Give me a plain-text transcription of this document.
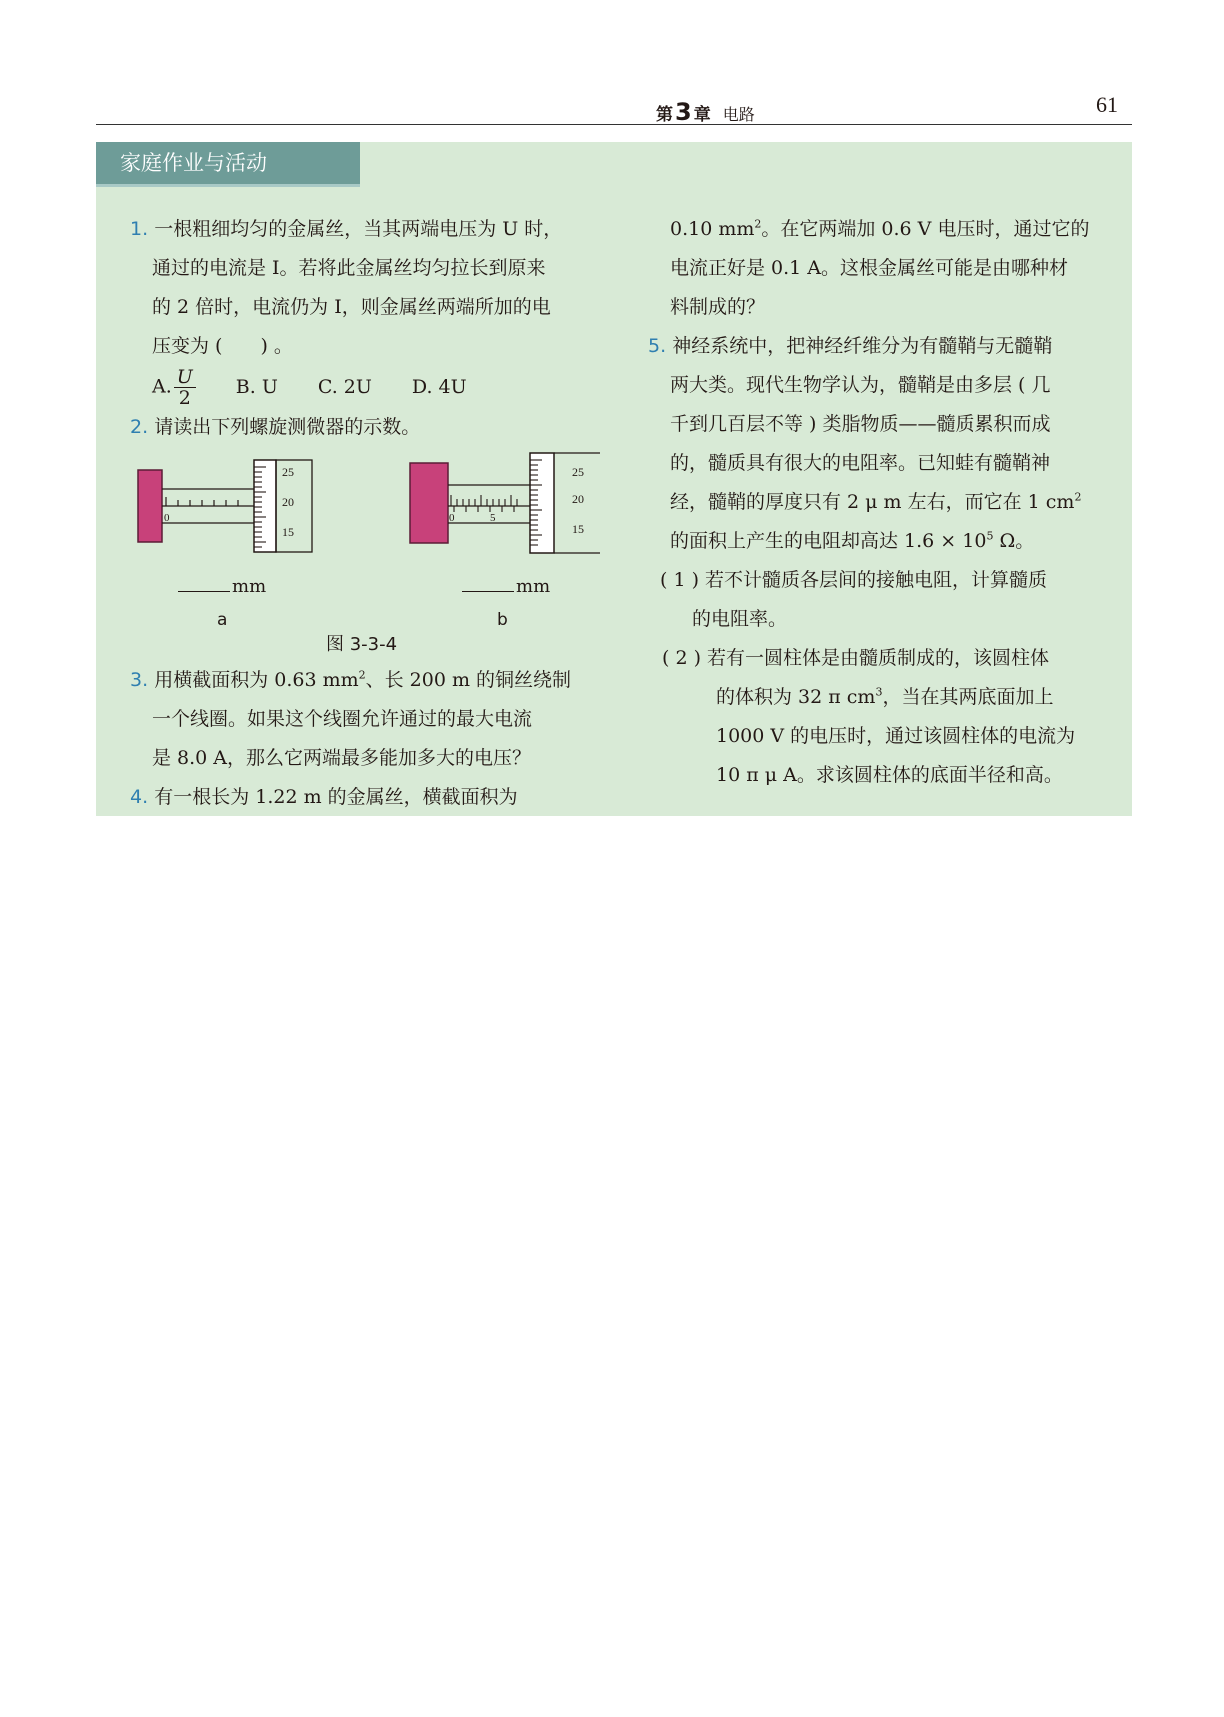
第3 章 电路	61
家庭作业与活动
1. 一根粗细均匀的金属丝，当其两端电压为 U 时，
通过的电流是 I。若将此金属丝均匀拉长到原来
的 2 倍时，电流仍为 I，则金属丝两端所加的电
压变为 (　　) 。
A. $\frac{U}{2} B$. U C. 2U D. 4U
2. 请读出下列螺旋测微器的示数。
0
25
20
15
0	5
25
20
15
mm	mm
a	b
图 3-3-4
3. 用横截面积为 0.63 $mm^2$、长 200 m 的铜丝绕制
一个线圈。如果这个线圈允许通过的最大电流
是 8.0 A，那么它两端最多能加多大的电压？
4. 有一根长为 1.22 m 的金属丝，横截面积为
0.10 $mm^2$。在它两端加 0.6 V 电压时，通过它的
电流正好是 0.1 A。这根金属丝可能是由哪种材
料制成的？
5. 神经系统中，把神经纤维分为有髓鞘与无髓鞘
两大类。现代生物学认为，髓鞘是由多层 ( 几
千到几百层不等 ) 类脂物质——髓质累积而成
的，髓质具有很大的电阻率。已知蛙有髓鞘神
经，髓鞘的厚度只有 2 μ m 左右，而它在 1 $cm^2$
的面积上产生的电阻却高达 $1.6 \times 10^5$ Ω。
( 1 ) 若不计髓质各层间的接触电阻，计算髓质
的电阻率。
( 2 ) 若有一圆柱体是由髓质制成的，该圆柱体
的体积为 32 π $cm^3$，当在其两底面加上
1000 V 的电压时，通过该圆柱体的电流为
10 π μ A。求该圆柱体的底面半径和高。
